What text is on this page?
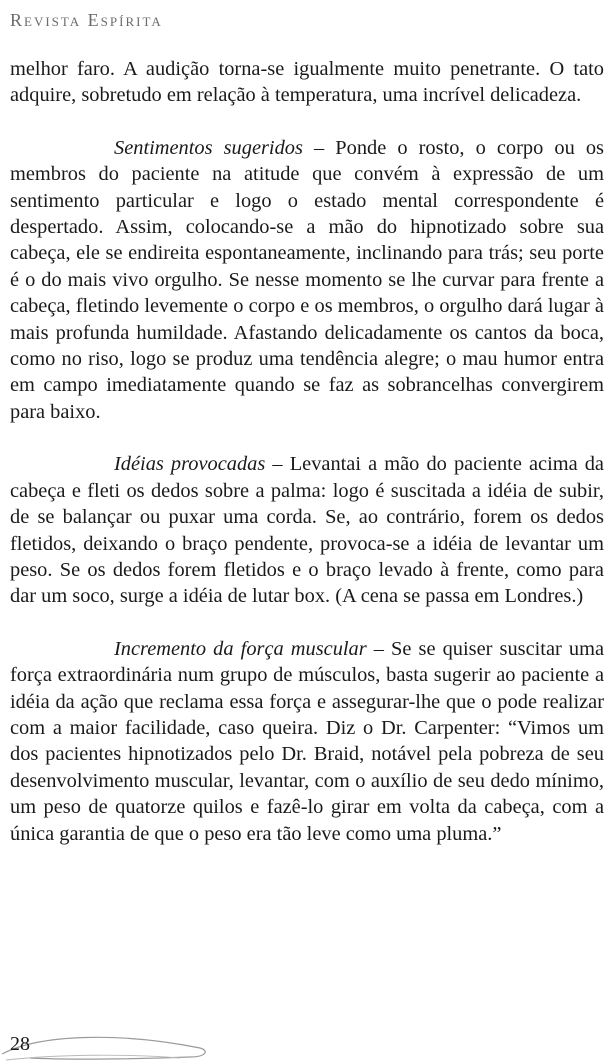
Revista Espírita

melhor faro. A audição torna-se igualmente muito penetrante. O tato adquire, sobretudo em relação à temperatura, uma incrível delicadeza.

Sentimentos sugeridos – Ponde o rosto, o corpo ou os membros do paciente na atitude que convém à expressão de um sentimento particular e logo o estado mental correspondente é despertado. Assim, colocando-se a mão do hipnotizado sobre sua cabeça, ele se endireita espontaneamente, inclinando para trás; seu porte é o do mais vivo orgulho. Se nesse momento se lhe curvar para frente a cabeça, fletindo levemente o corpo e os membros, o orgulho dará lugar à mais profunda humildade. Afastando delicadamente os cantos da boca, como no riso, logo se produz uma tendência alegre; o mau humor entra em campo imediatamente quando se faz as sobrancelhas convergirem para baixo.

Idéias provocadas – Levantai a mão do paciente acima da cabeça e fleti os dedos sobre a palma: logo é suscitada a idéia de subir, de se balançar ou puxar uma corda. Se, ao contrário, forem os dedos fletidos, deixando o braço pendente, provoca-se a idéia de levantar um peso. Se os dedos forem fletidos e o braço levado à frente, como para dar um soco, surge a idéia de lutar box. (A cena se passa em Londres.)

Incremento da força muscular – Se se quiser suscitar uma força extraordinária num grupo de músculos, basta sugerir ao paciente a idéia da ação que reclama essa força e assegurar-lhe que o pode realizar com a maior facilidade, caso queira. Diz o Dr. Carpenter: “Vimos um dos pacientes hipnotizados pelo Dr. Braid, notável pela pobreza de seu desenvolvimento muscular, levantar, com o auxílio de seu dedo mínimo, um peso de quatorze quilos e fazê-lo girar em volta da cabeça, com a única garantia de que o peso era tão leve como uma pluma.”

28
